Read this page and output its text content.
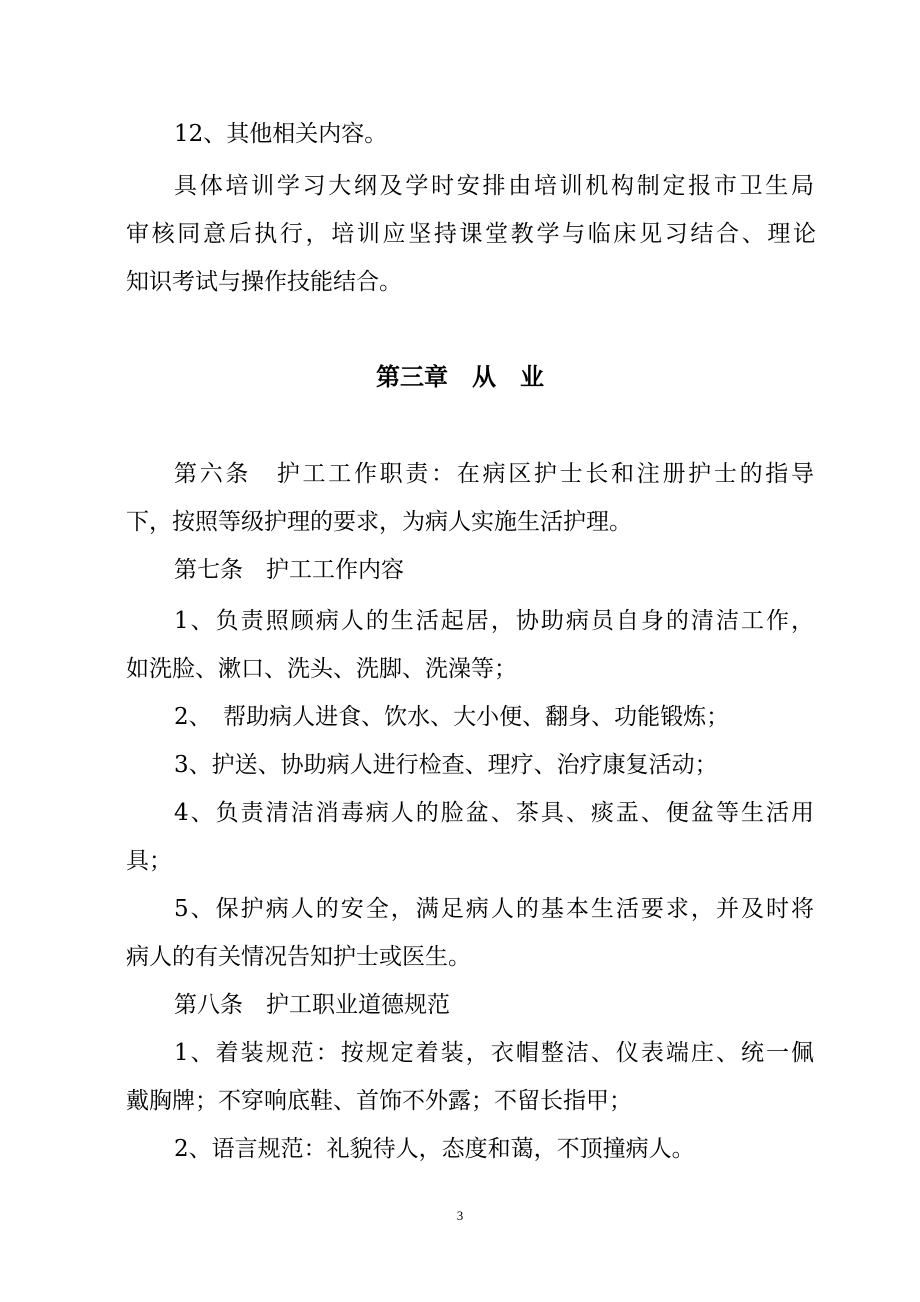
12、其他相关内容。
具体培训学习大纲及学时安排由培训机构制定报市卫生局
审核同意后执行，培训应坚持课堂教学与临床见习结合、理论
知识考试与操作技能结合。
第三章　从　业
第六条　护工工作职责：在病区护士长和注册护士的指导
下，按照等级护理的要求，为病人实施生活护理。
第七条　护工工作内容
1、负责照顾病人的生活起居，协助病员自身的清洁工作，
如洗脸、漱口、洗头、洗脚、洗澡等；
2、　帮助病人进食、饮水、大小便、翻身、功能锻炼；
3、护送、协助病人进行检查、理疗、治疗康复活动；
4、负责清洁消毒病人的脸盆、茶具、痰盂、便盆等生活用
具；
5、保护病人的安全，满足病人的基本生活要求，并及时将
病人的有关情况告知护士或医生。
第八条　护工职业道德规范
1、着装规范：按规定着装，衣帽整洁、仪表端庄、统一佩
戴胸牌；不穿响底鞋、首饰不外露；不留长指甲；
2、语言规范：礼貌待人，态度和蔼，不顶撞病人。
3
